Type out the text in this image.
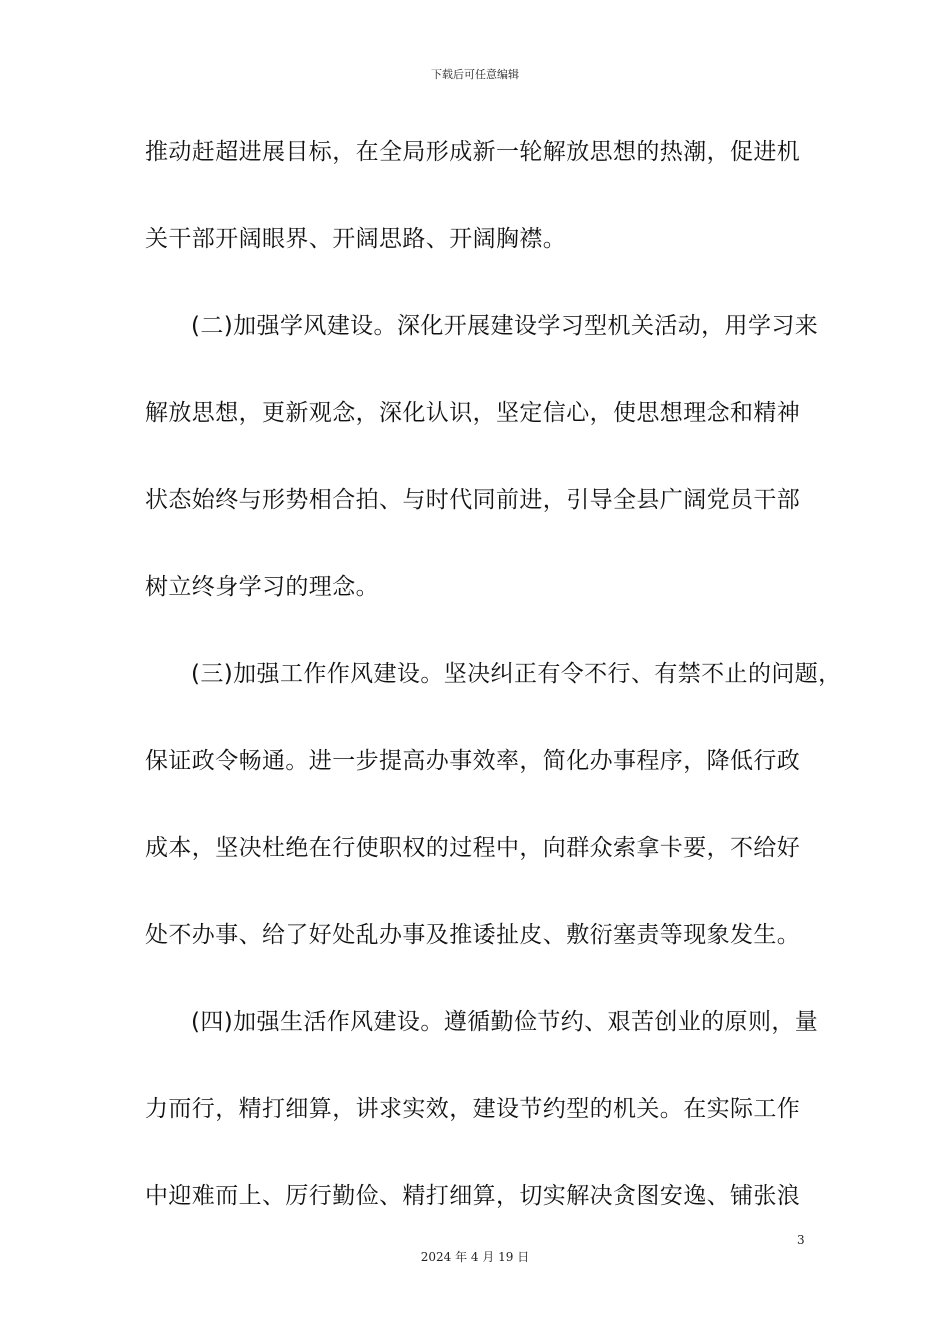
下载后可任意编辑
推动赶超进展目标，在全局形成新一轮解放思想的热潮，促进机
关干部开阔眼界、开阔思路、开阔胸襟。
(二)加强学风建设。深化开展建设学习型机关活动，用学习来
解放思想，更新观念，深化认识，坚定信心，使思想理念和精神
状态始终与形势相合拍、与时代同前进，引导全县广阔党员干部
树立终身学习的理念。
(三)加强工作作风建设。坚决纠正有令不行、有禁不止的问题，
保证政令畅通。进一步提高办事效率，简化办事程序，降低行政
成本，坚决杜绝在行使职权的过程中，向群众索拿卡要，不给好
处不办事、给了好处乱办事及推诿扯皮、敷衍塞责等现象发生。
(四)加强生活作风建设。遵循勤俭节约、艰苦创业的原则，量
力而行，精打细算，讲求实效，建设节约型的机关。在实际工作
中迎难而上、厉行勤俭、精打细算，切实解决贪图安逸、铺张浪
3
2024 年 4 月 19 日
